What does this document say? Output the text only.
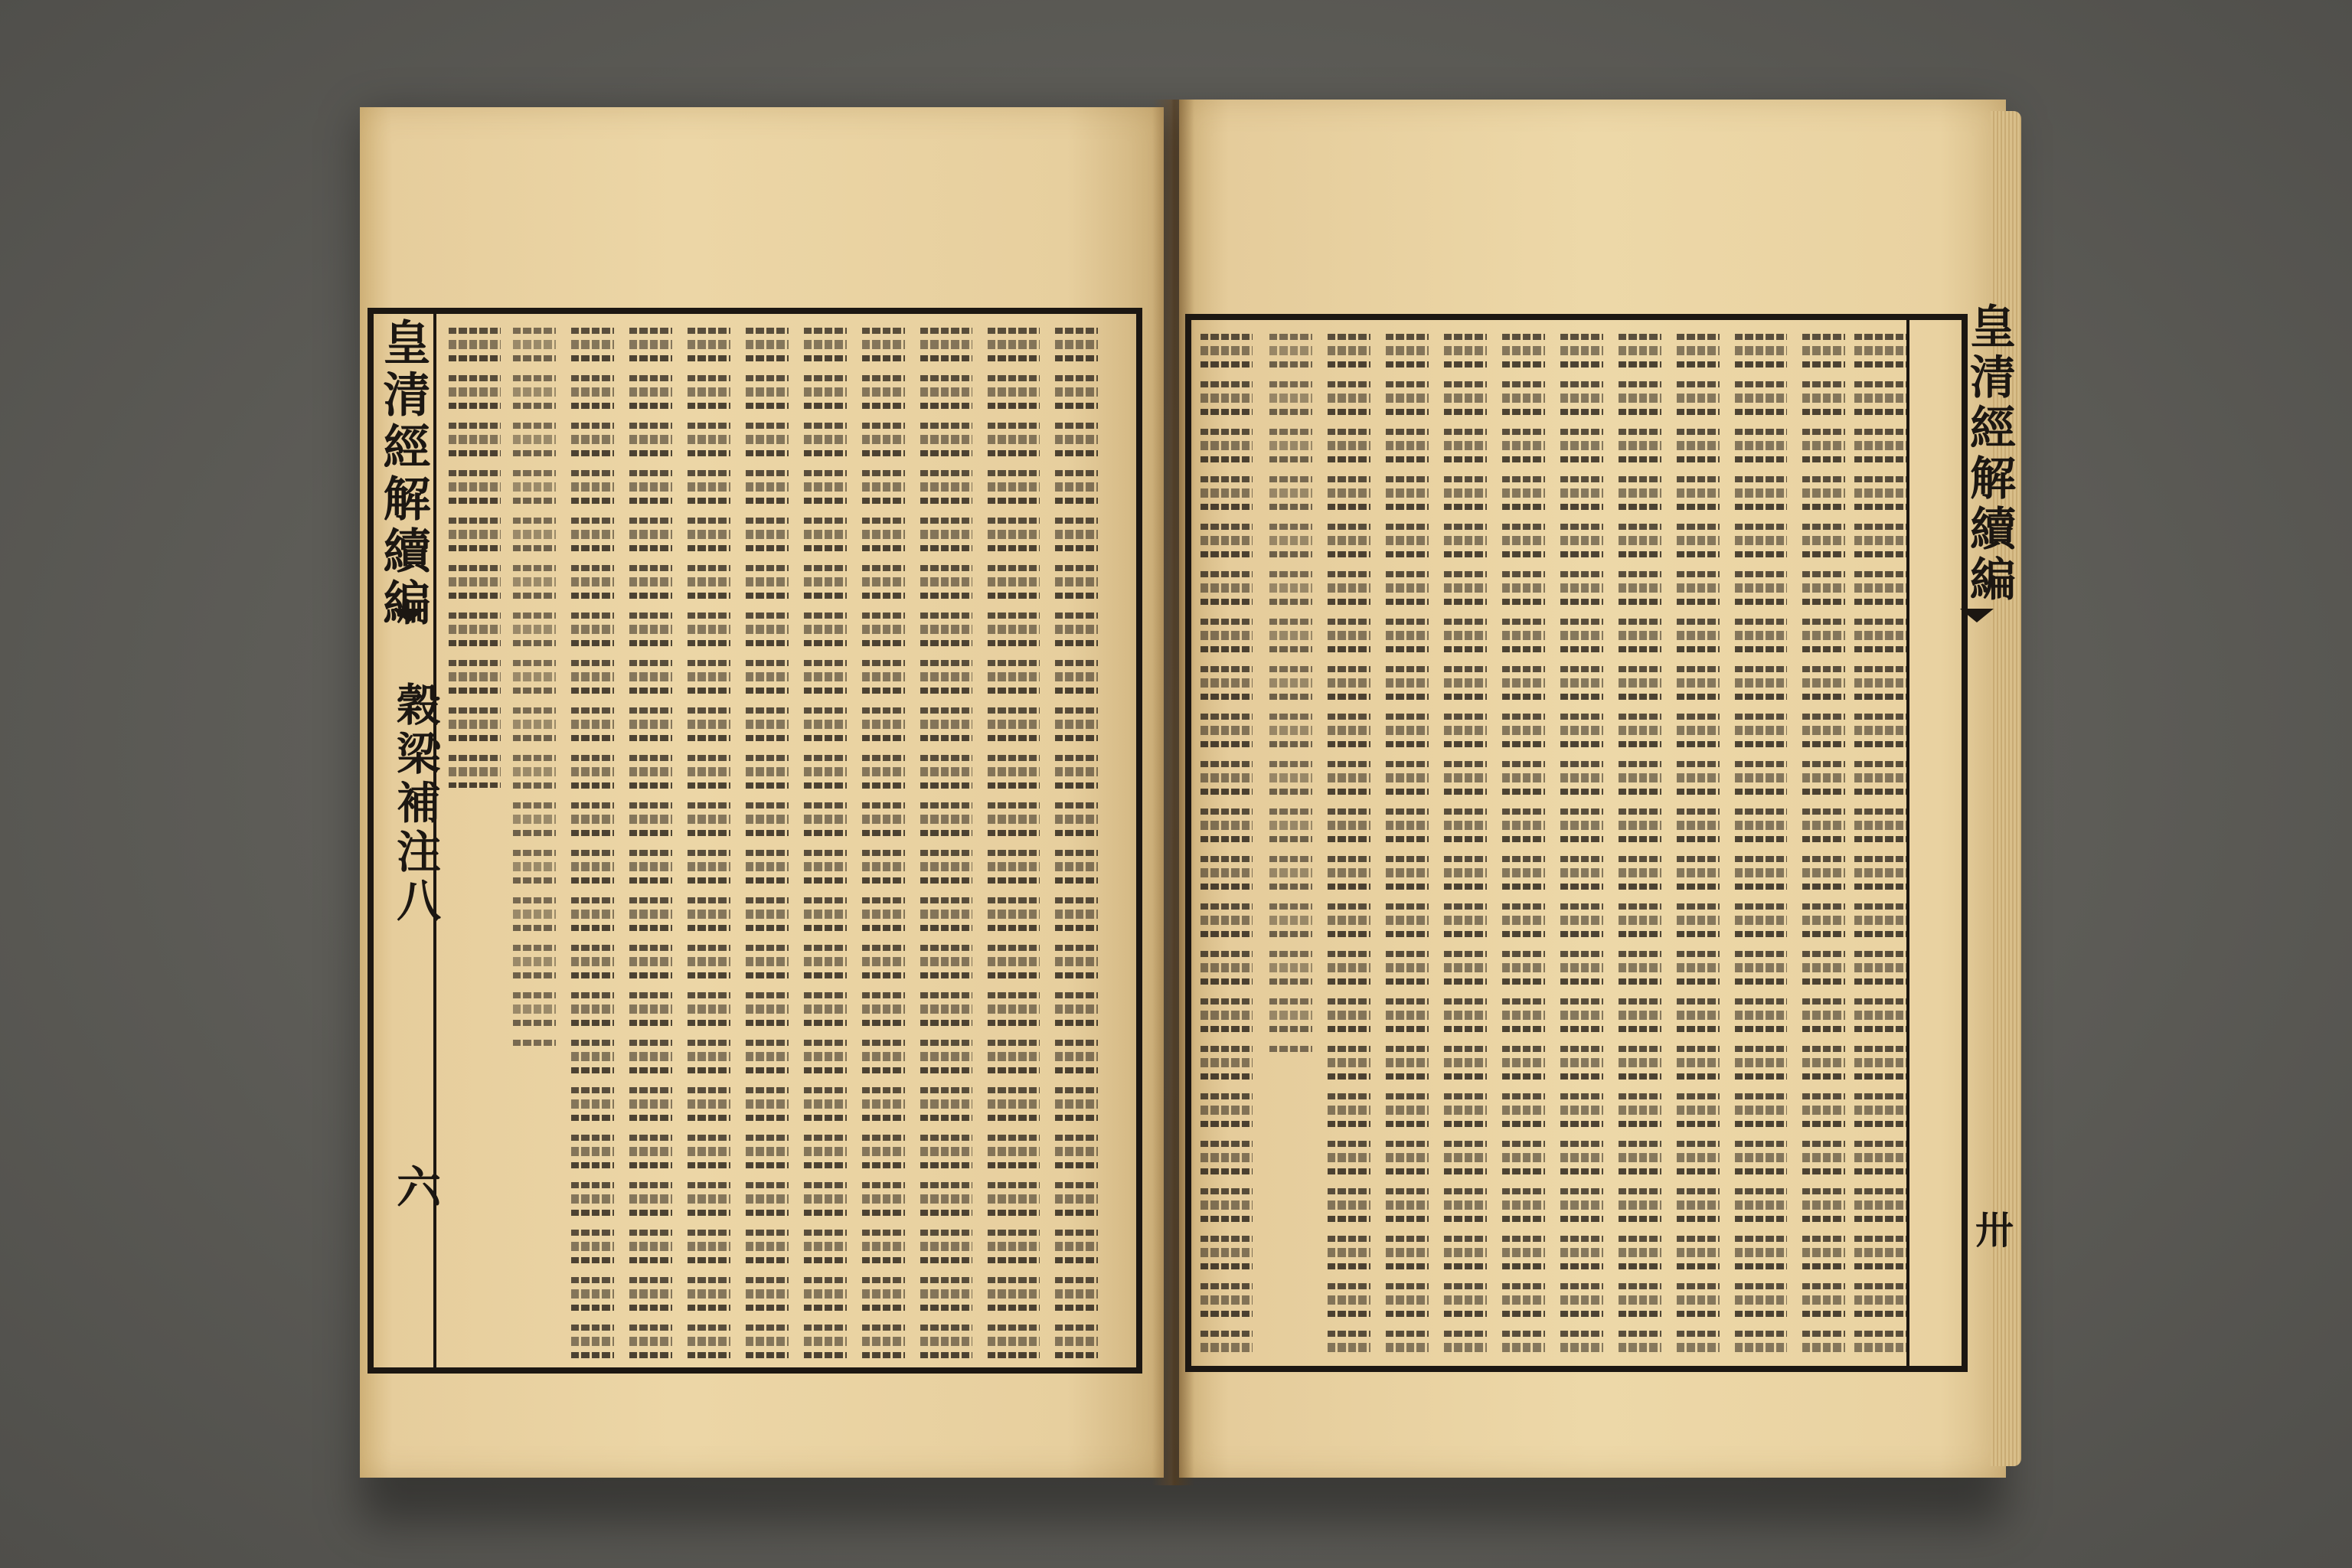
皇清經解續編
穀梁補注八
六
皇清經解續編
卅
